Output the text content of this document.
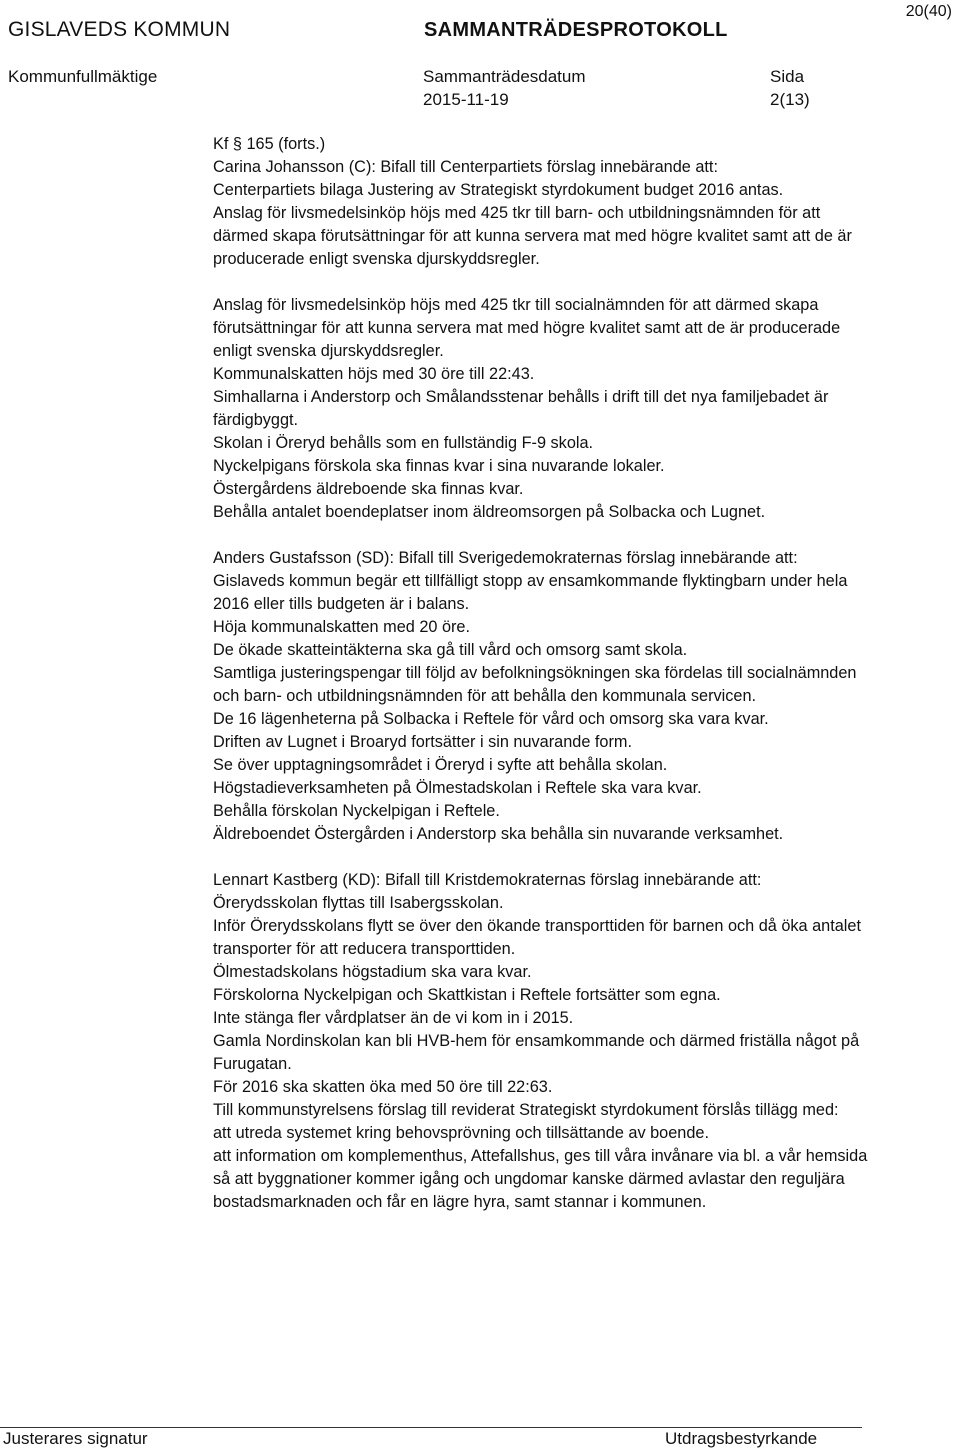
20(40)
GISLAVEDS KOMMUN	SAMMANTRÄDESPROTOKOLL
Kommunfullmäktige	Sammanträdesdatum	Sida
2015-11-19	2(13)

Kf § 165 (forts.)

Carina Johansson (C): Bifall till Centerpartiets förslag innebärande att:

Centerpartiets bilaga Justering av Strategiskt styrdokument budget 2016 antas.

Anslag för livsmedelsinköp höjs med 425 tkr till barn- och utbildningsnämnden för att därmed skapa förutsättningar för att kunna servera mat med högre kvalitet samt att de är producerade enligt svenska djurskyddsregler.

Anslag för livsmedelsinköp höjs med 425 tkr till socialnämnden för att därmed skapa förutsättningar för att kunna servera mat med högre kvalitet samt att de är producerade enligt svenska djurskyddsregler.

Kommunalskatten höjs med 30 öre till 22:43.

Simhallarna i Anderstorp och Smålandsstenar behålls i drift till det nya familjebadet är färdigbyggt.

Skolan i Öreryd behålls som en fullständig F-9 skola.

Nyckelpigans förskola ska finnas kvar i sina nuvarande lokaler.

Östergårdens äldreboende ska finnas kvar.

Behålla antalet boendeplatser inom äldreomsorgen på Solbacka och Lugnet.

Anders Gustafsson (SD): Bifall till Sverigedemokraternas förslag innebärande att:

Gislaveds kommun begär ett tillfälligt stopp av ensamkommande flyktingbarn under hela 2016 eller tills budgeten är i balans.

Höja kommunalskatten med 20 öre.

De ökade skatteintäkterna ska gå till vård och omsorg samt skola.

Samtliga justeringspengar till följd av befolkningsökningen ska fördelas till socialnämnden och barn- och utbildningsnämnden för att behålla den kommunala servicen.

De 16 lägenheterna på Solbacka i Reftele för vård och omsorg ska vara kvar.

Driften av Lugnet i Broaryd fortsätter i sin nuvarande form.

Se över upptagningsområdet i Öreryd i syfte att behålla skolan.

Högstadieverksamheten på Ölmestadskolan i Reftele ska vara kvar.

Behålla förskolan Nyckelpigan i Reftele.

Äldreboendet Östergården i Anderstorp ska behålla sin nuvarande verksamhet.

Lennart Kastberg (KD): Bifall till Kristdemokraternas förslag innebärande att:

Örerydsskolan flyttas till Isabergsskolan.

Inför Örerydsskolans flytt se över den ökande transporttiden för barnen och då öka antalet transporter för att reducera transporttiden.

Ölmestadskolans högstadium ska vara kvar.

Förskolorna Nyckelpigan och Skattkistan i Reftele fortsätter som egna.

Inte stänga fler vårdplatser än de vi kom in i 2015.

Gamla Nordinskolan kan bli HVB-hem för ensamkommande och därmed friställa något på Furugatan.

För 2016 ska skatten öka med 50 öre till 22:63.

Till kommunstyrelsens förslag till reviderat Strategiskt styrdokument förslås tillägg med:

att utreda systemet kring behovsprövning och tillsättande av boende.

att information om komplementhus, Attefallshus, ges till våra invånare via bl. a vår hemsida så att byggnationer kommer igång och ungdomar kanske därmed avlastar den reguljära bostadsmarknaden och får en lägre hyra, samt stannar i kommunen.

Justerares signatur	Utdragsbestyrkande
